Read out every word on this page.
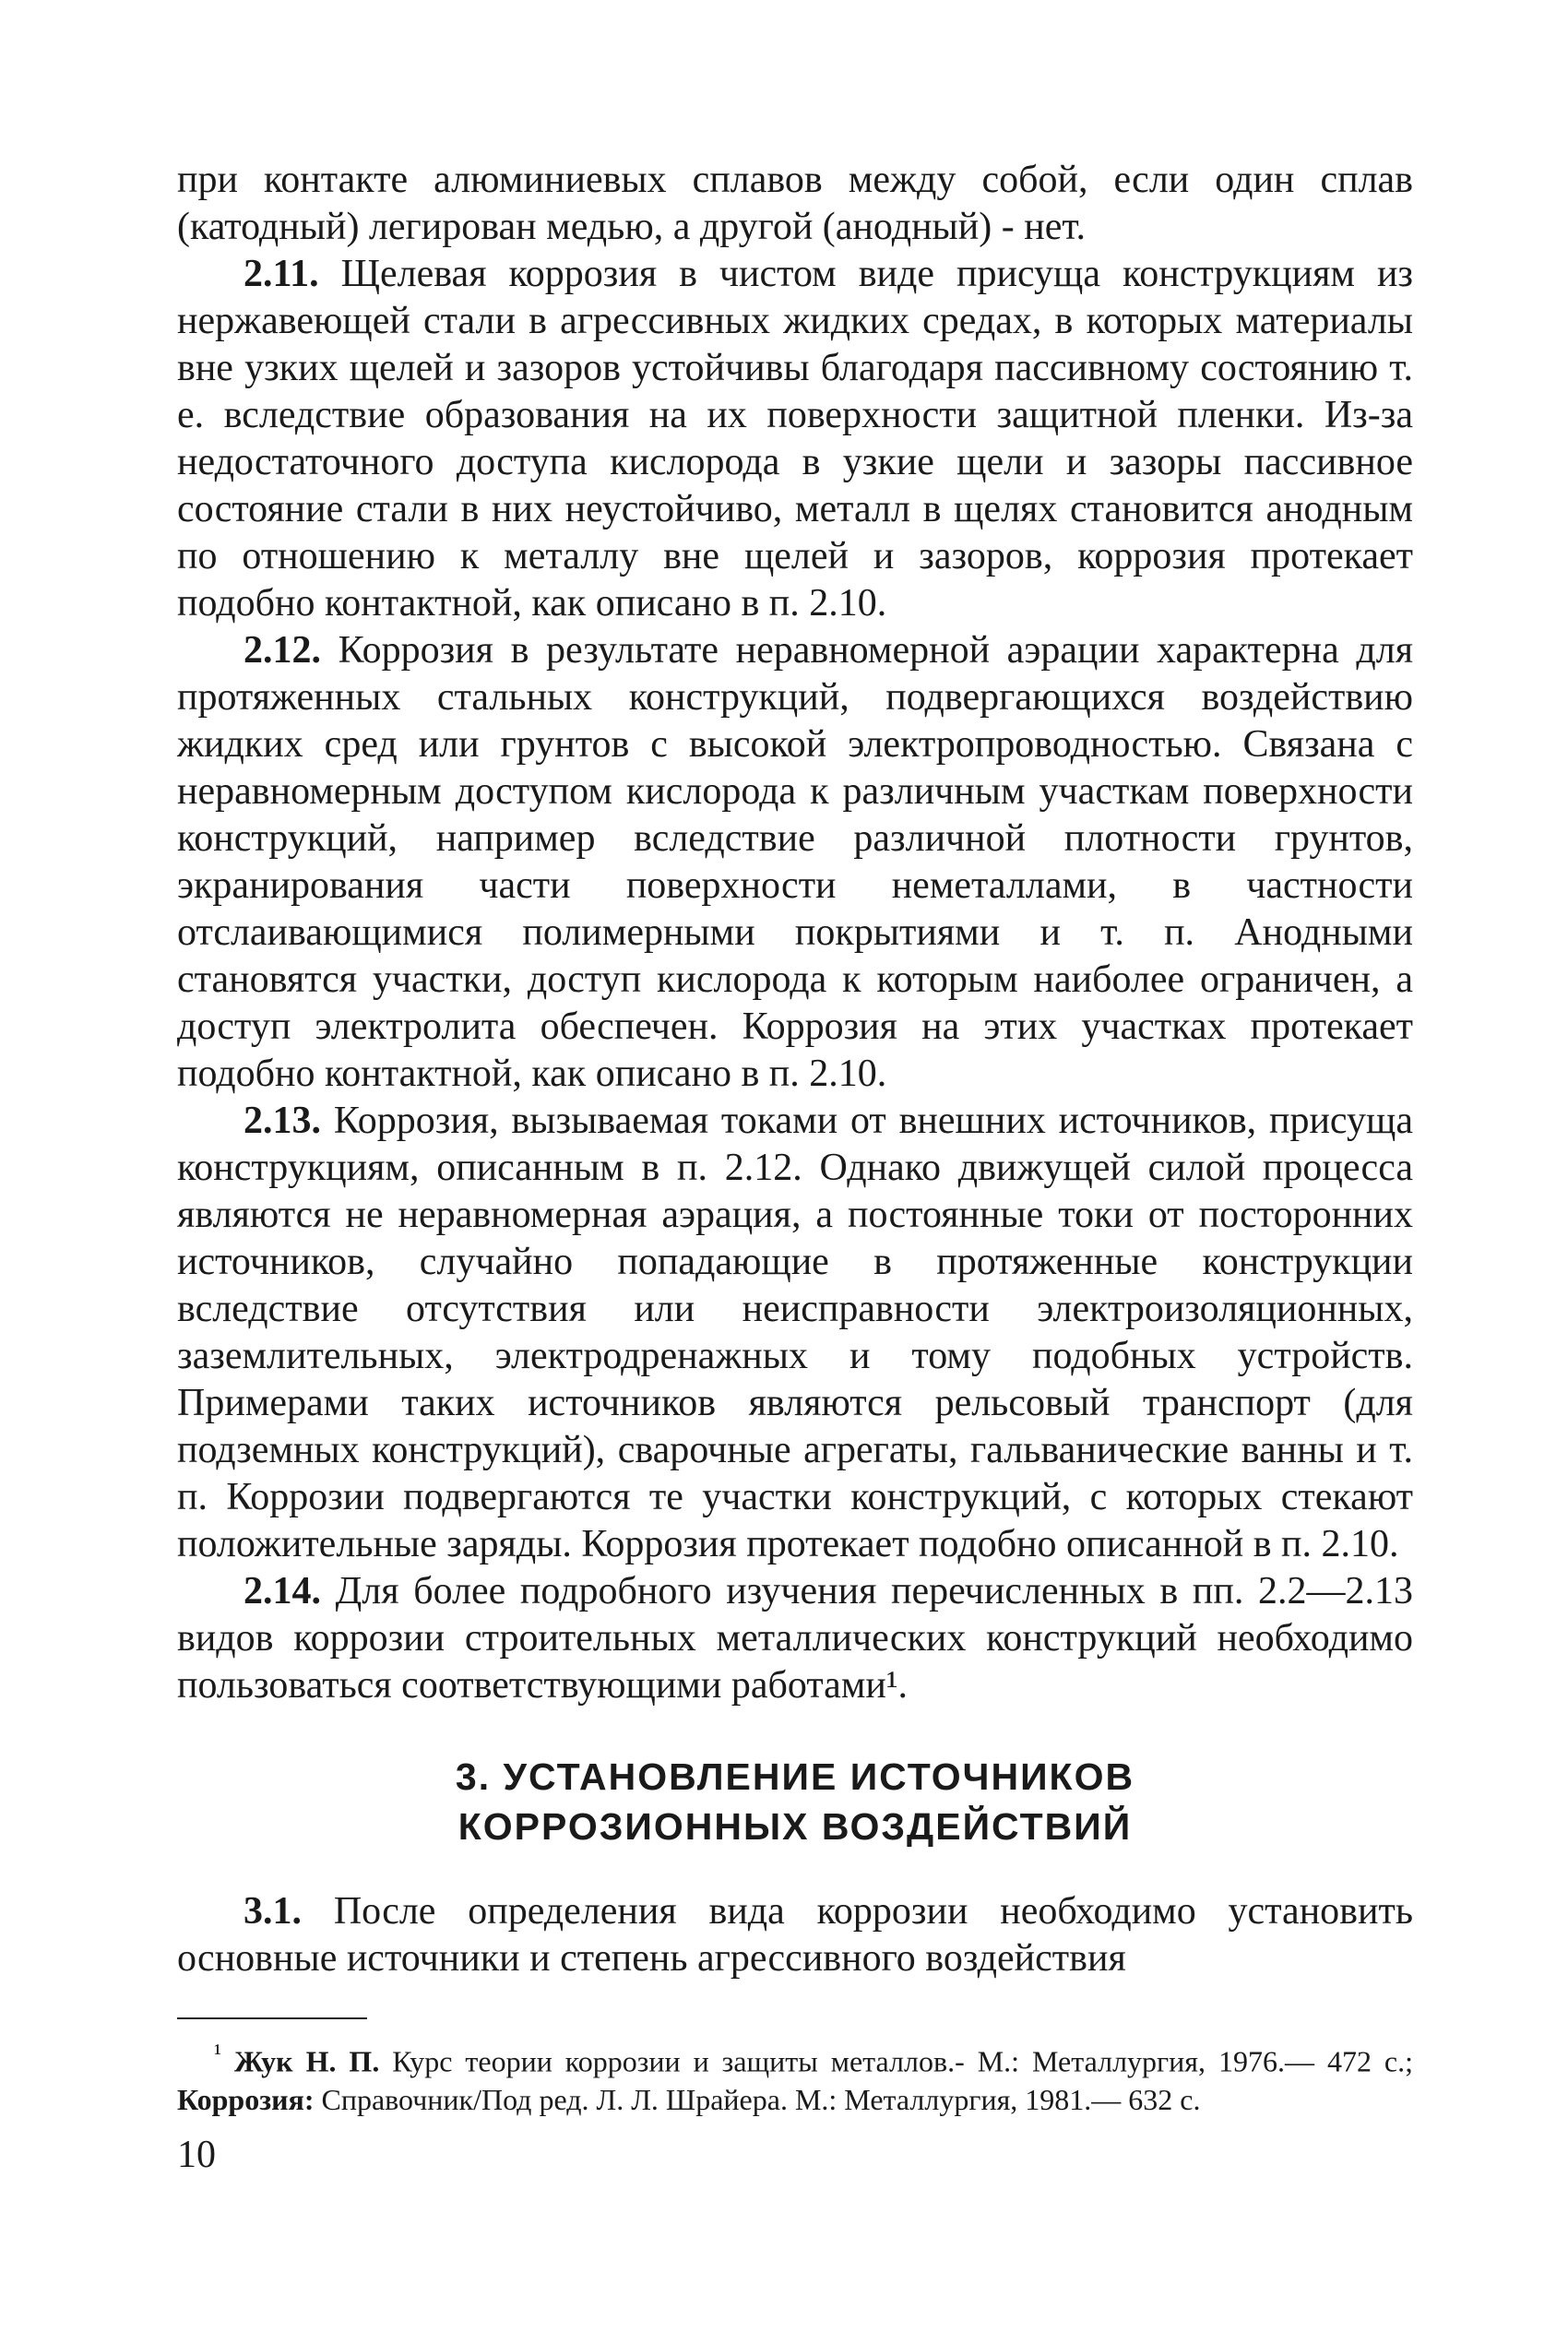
при контакте алюминиевых сплавов между собой, если один сплав (катодный) легирован медью, а другой (анодный) - нет.

2.11. Щелевая коррозия в чистом виде присуща конструкциям из нержавеющей стали в агрессивных жидких средах, в которых материалы вне узких щелей и зазоров устойчивы благодаря пассивному состоянию т. е. вследствие образования на их поверхности защитной пленки. Из-за недостаточного доступа кислорода в узкие щели и зазоры пассивное состояние стали в них неустойчиво, металл в щелях становится анодным по отношению к металлу вне щелей и зазоров, коррозия протекает подобно контактной, как описано в п. 2.10.

2.12. Коррозия в результате неравномерной аэрации характерна для протяженных стальных конструкций, подвергающихся воздействию жидких сред или грунтов с высокой электропроводностью. Связана с неравномерным доступом кислорода к различным участкам поверхности конструкций, например вследствие различной плотности грунтов, экранирования части поверхности неметаллами, в частности отслаивающимися полимерными покрытиями и т. п. Анодными становятся участки, доступ кислорода к которым наиболее ограничен, а доступ электролита обеспечен. Коррозия на этих участках протекает подобно контактной, как описано в п. 2.10.

2.13. Коррозия, вызываемая токами от внешних источников, присуща конструкциям, описанным в п. 2.12. Однако движущей силой процесса являются не неравномерная аэрация, а постоянные токи от посторонних источников, случайно попадающие в протяженные конструкции вследствие отсутствия или неисправности электроизоляционных, заземлительных, электродренажных и тому подобных устройств. Примерами таких источников являются рельсовый транспорт (для подземных конструкций), сварочные агрегаты, гальванические ванны и т. п. Коррозии подвергаются те участки конструкций, с которых стекают положительные заряды. Коррозия протекает подобно описанной в п. 2.10.

2.14. Для более подробного изучения перечисленных в пп. 2.2—2.13 видов коррозии строительных металлических конструкций необходимо пользоваться соответствующими работами¹.

3. УСТАНОВЛЕНИЕ ИСТОЧНИКОВ
КОРРОЗИОННЫХ ВОЗДЕЙСТВИЙ

3.1. После определения вида коррозии необходимо установить основные источники и степень агрессивного воздействия

$^{^1}$ Жук Н. П. Курс теории коррозии и защиты металлов.- М.: Металлургия, 1976.— 472 с.; Коррозия: Справочник/Под ред. Л. Л. Шрайера. М.: Металлургия, 1981.— 632 с.

10
